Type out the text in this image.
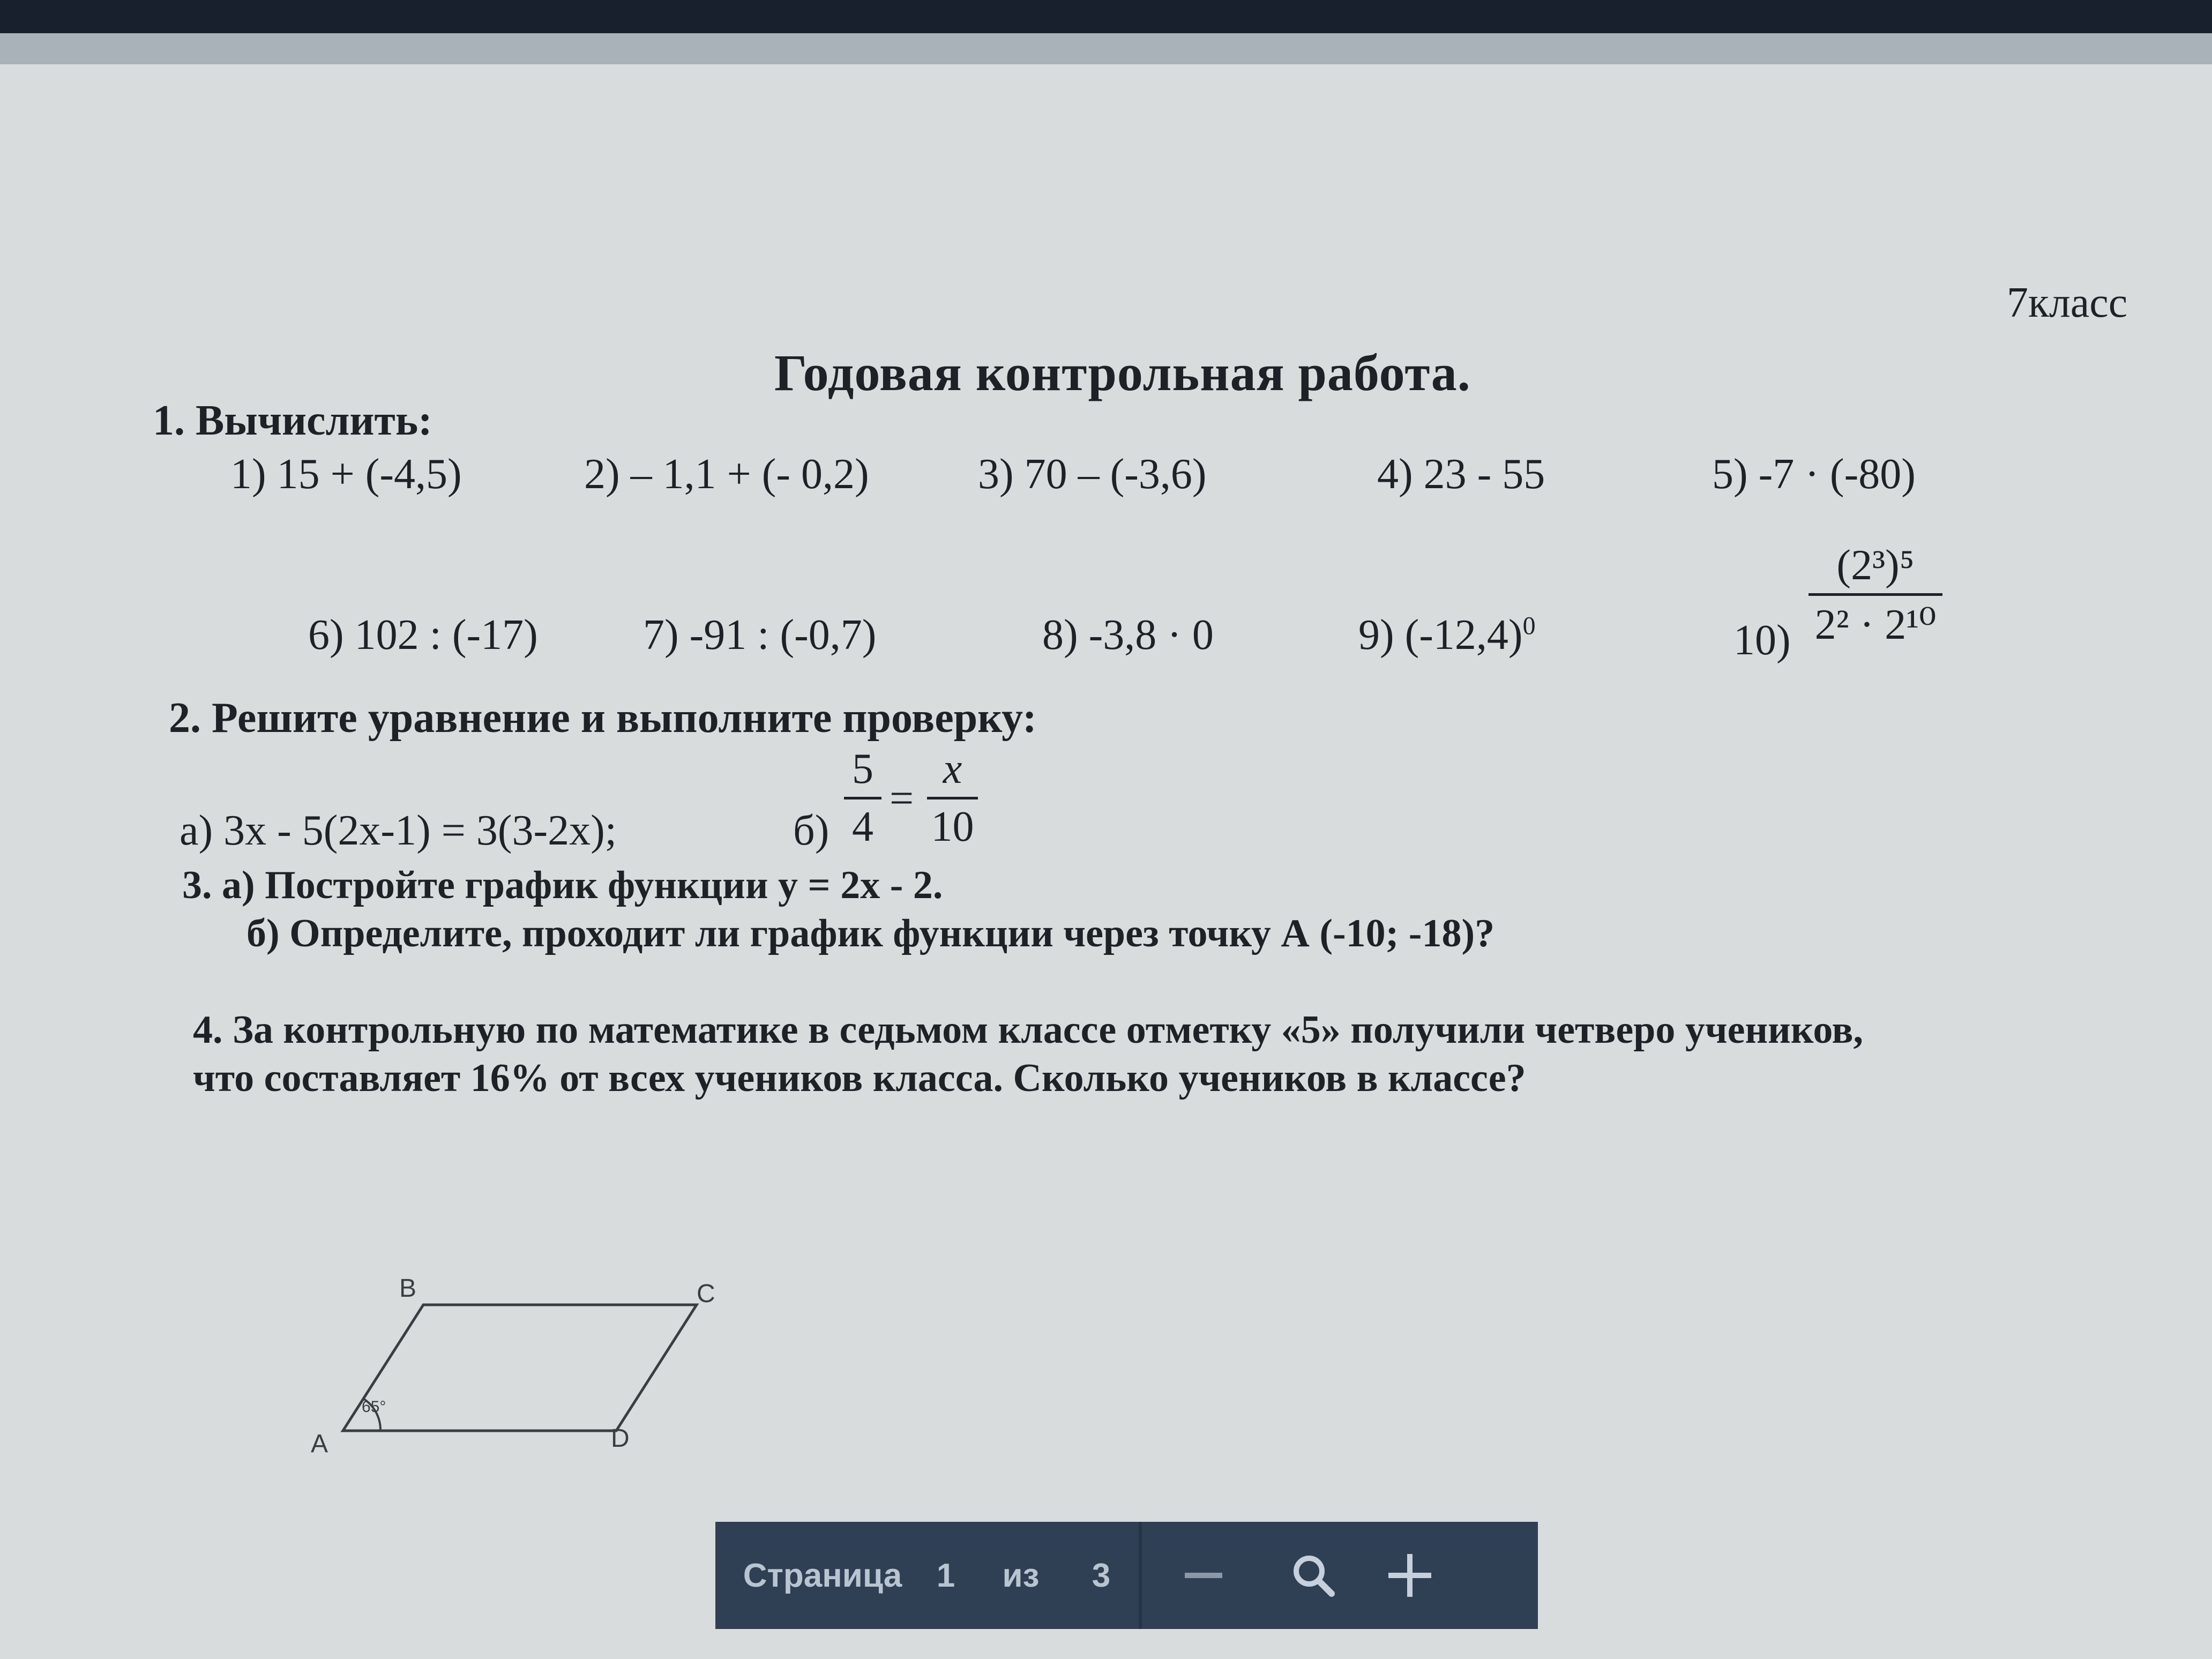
7класс
Годовая контрольная работа.
1. Вычислить:
1) 15 + (-4,5)	2) – 1,1 + (- 0,2)	3) 70 – (-3,6)	4) 23 - 55	5) -7 · (-80)
6) 102 : (-17) 7) -91 : (-0,7)	8) -3,8 · 0	9) $(-12,4)^0$	10)
(2³)⁵
2² · 2¹⁰
2. Решите уравнение и выполните проверку:
а) 3х - 5(2х-1) = 3(3-2х);	б)
5
4
=
x
10
3. а) Постройте график функции у = 2х - 2.
б) Определите, проходит ли график функции через точку А (-10; -18)?
4. За контрольную по математике в седьмом классе отметку «5» получили четверо учеников,
что составляет 16% от всех учеников класса. Сколько учеников в классе?
B	C
A	D
65°
Страница	1	из	3
